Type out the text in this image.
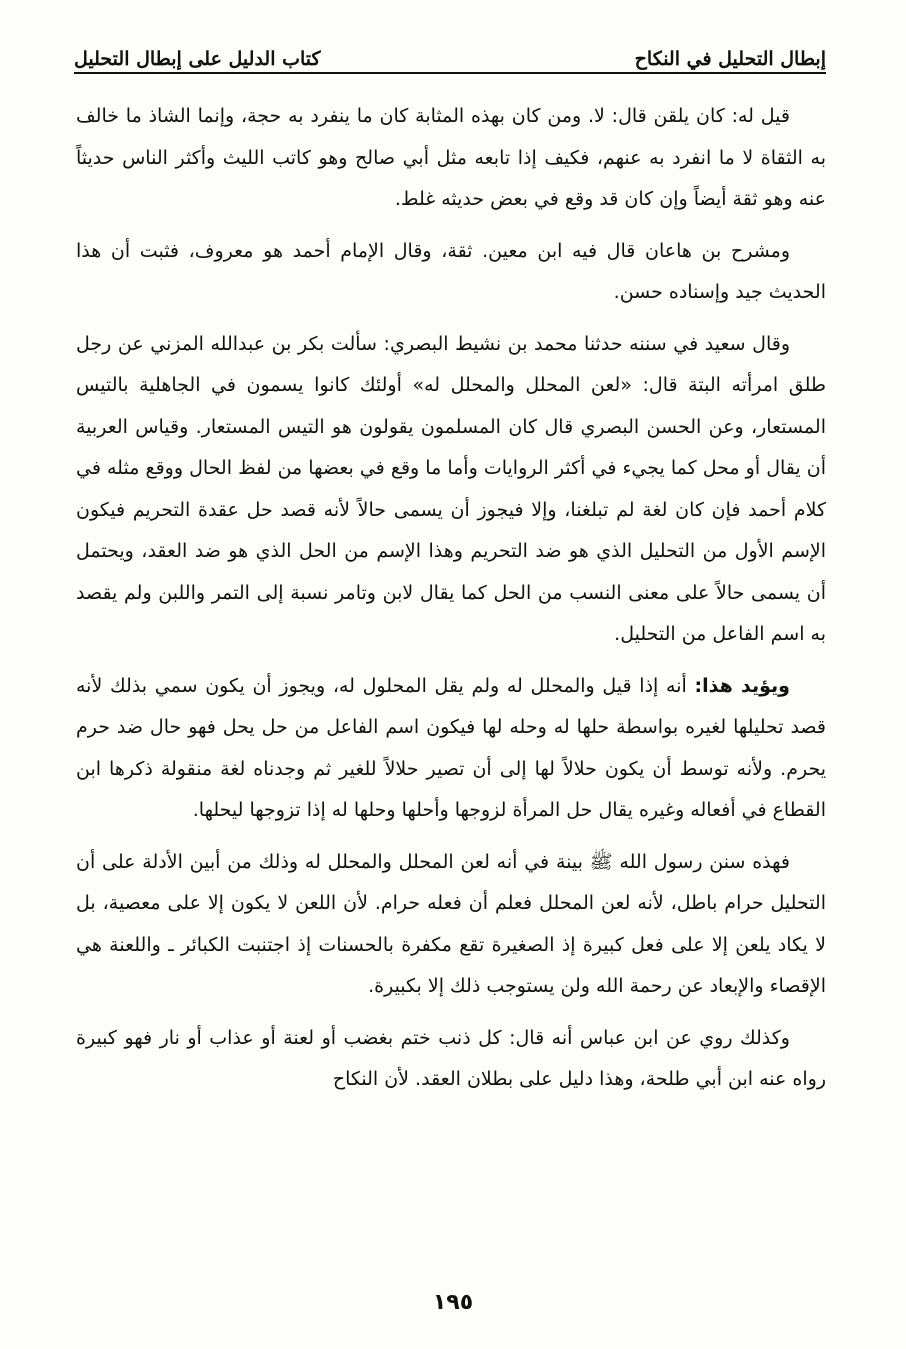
إبطال التحليل في النكاح
كتاب الدليل على إبطال التحليل

قيل له: كان يلقن قال: لا. ومن كان بهذه المثابة كان ما ينفرد به حجة، وإنما الشاذ ما خالف به الثقاة لا ما انفرد به عنهم، فكيف إذا تابعه مثل أبي صالح وهو كاتب الليث وأكثر الناس حديثاً عنه وهو ثقة أيضاً وإن كان قد وقع في بعض حديثه غلط.

ومشرح بن هاعان قال فيه ابن معين. ثقة، وقال الإمام أحمد هو معروف، فثبت أن هذا الحديث جيد وإسناده حسن.

وقال سعيد في سننه حدثنا محمد بن نشيط البصري: سألت بكر بن عبدالله المزني عن رجل طلق امرأته البتة قال: «لعن المحلل والمحلل له» أولئك كانوا يسمون في الجاهلية بالتيس المستعار، وعن الحسن البصري قال كان المسلمون يقولون هو التيس المستعار. وقياس العربية أن يقال أو محل كما يجيء في أكثر الروايات وأما ما وقع في بعضها من لفظ الحال ووقع مثله في كلام أحمد فإن كان لغة لم تبلغنا، وإلا فيجوز أن يسمى حالاً لأنه قصد حل عقدة التحريم فيكون الإسم الأول من التحليل الذي هو ضد التحريم وهذا الإسم من الحل الذي هو ضد العقد، ويحتمل أن يسمى حالاً على معنى النسب من الحل كما يقال لابن وتامر نسبة إلى التمر واللبن ولم يقصد به اسم الفاعل من التحليل.

ويؤيد هذا: أنه إذا قيل والمحلل له ولم يقل المحلول له، ويجوز أن يكون سمي بذلك لأنه قصد تحليلها لغيره بواسطة حلها له وحله لها فيكون اسم الفاعل من حل يحل فهو حال ضد حرم يحرم. ولأنه توسط أن يكون حلالاً لها إلى أن تصير حلالاً للغير ثم وجدناه لغة منقولة ذكرها ابن القطاع في أفعاله وغيره يقال حل المرأة لزوجها وأحلها وحلها له إذا تزوجها ليحلها.

فهذه سنن رسول الله ﷺ بينة في أنه لعن المحلل والمحلل له وذلك من أبين الأدلة على أن التحليل حرام باطل، لأنه لعن المحلل فعلم أن فعله حرام. لأن اللعن لا يكون إلا على معصية، بل لا يكاد يلعن إلا على فعل كبيرة إذ الصغيرة تقع مكفرة بالحسنات إذ اجتنبت الكبائر ـ واللعنة هي الإقصاء والإبعاد عن رحمة الله ولن يستوجب ذلك إلا بكبيرة.

وكذلك روي عن ابن عباس أنه قال: كل ذنب ختم بغضب أو لعنة أو عذاب أو نار فهو كبيرة رواه عنه ابن أبي طلحة، وهذا دليل على بطلان العقد. لأن النكاح

١٩٥
